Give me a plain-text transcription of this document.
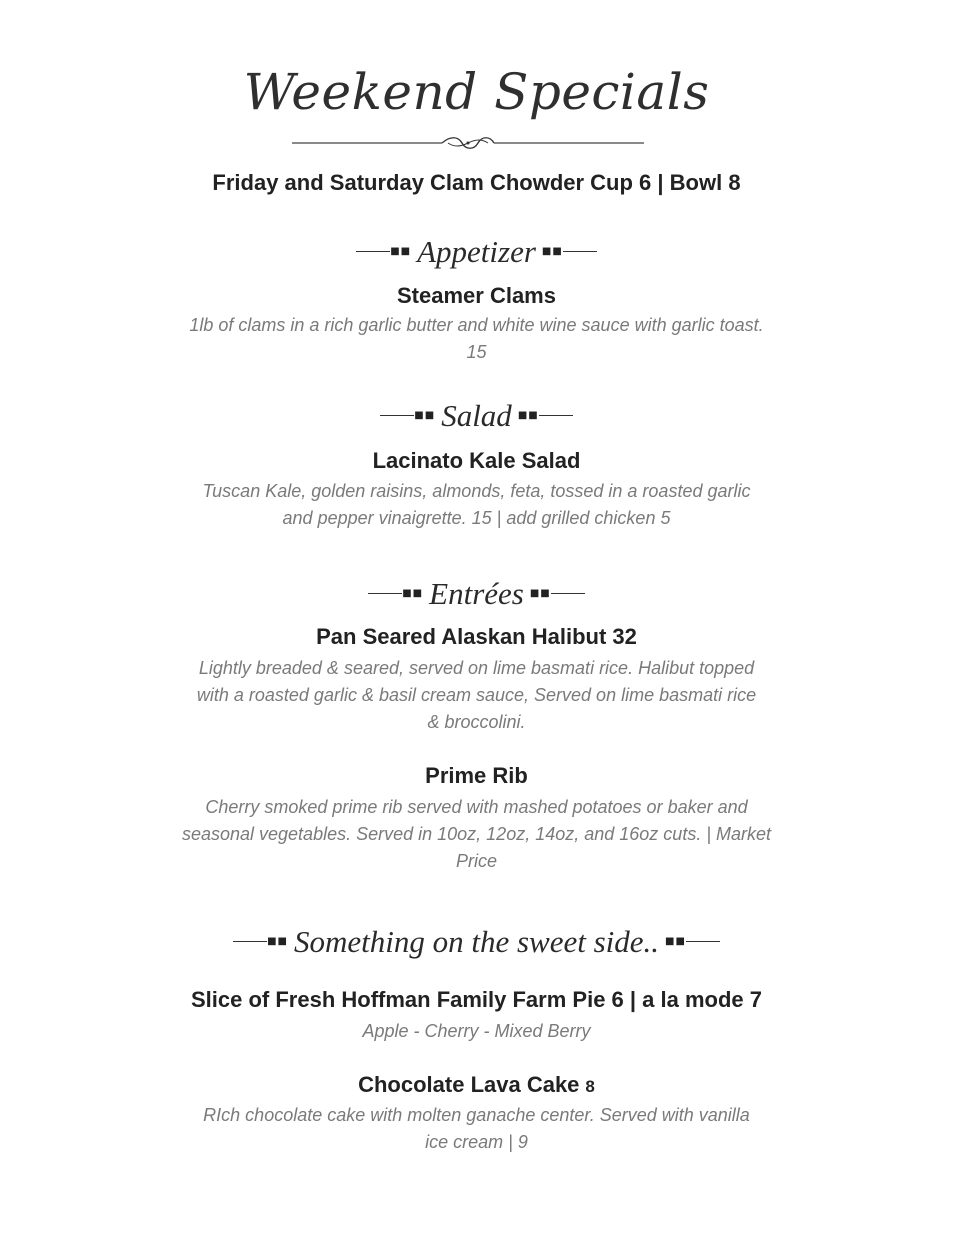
Weekend Specials
Friday and Saturday Clam Chowder Cup 6 | Bowl 8
■■ Appetizer ■■
Steamer Clams
1lb of clams in a rich garlic butter and white wine sauce with garlic toast.
15
■■ Salad ■■
Lacinato Kale Salad
Tuscan Kale, golden raisins, almonds, feta, tossed in a roasted garlic
and pepper vinaigrette. 15 | add grilled chicken 5
■■ Entrées ■■
Pan Seared Alaskan Halibut 32
Lightly breaded & seared, served on lime basmati rice. Halibut topped
with a roasted garlic & basil cream sauce, Served on lime basmati rice
& broccolini.
Prime Rib
Cherry smoked prime rib served with mashed potatoes or baker and
seasonal vegetables. Served in 10oz, 12oz, 14oz, and 16oz cuts. | Market
Price
■■ Something on the sweet side.. ■■
Slice of Fresh Hoffman Family Farm Pie 6 | a la mode 7
Apple - Cherry - Mixed Berry
Chocolate Lava Cake 8
RIch chocolate cake with molten ganache center. Served with vanilla
ice cream | 9
